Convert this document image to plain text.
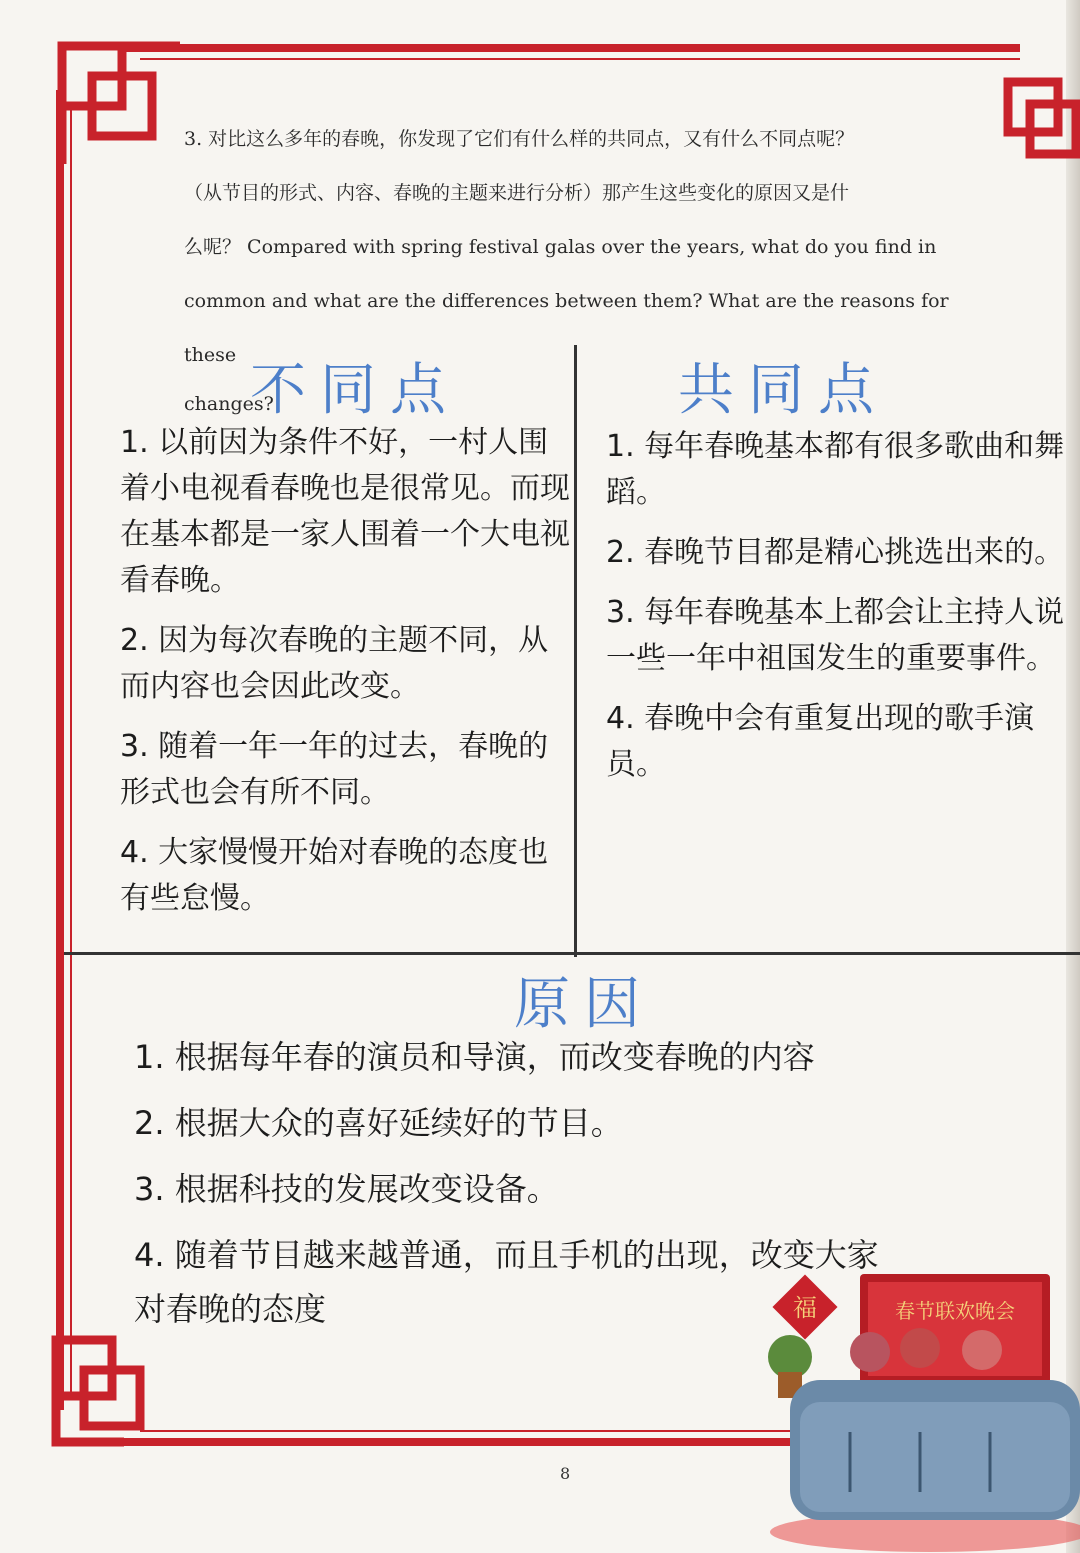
3. 对比这么多年的春晚，你发现了它们有什么样的共同点，又有什么不同点呢？

（从节目的形式、内容、春晚的主题来进行分析）那产生这些变化的原因又是什

么呢？ Compared with spring festival galas over the years, what do you find in

common and what are the differences between them? What are the reasons for these

changes?

不同点	共同点
原因
1. 以前因为条件不好，一村人围着小电视看春晚也是很常见。而现在基本都是一家人围着一个大电视看春晚。
2. 因为每次春晚的主题不同，从而内容也会因此改变。
3. 随着一年一年的过去，春晚的形式也会有所不同。
4. 大家慢慢开始对春晚的态度也有些怠慢。
1. 每年春晚基本都有很多歌曲和舞蹈。
2. 春晚节目都是精心挑选出来的。
3. 每年春晚基本上都会让主持人说一些一年中祖国发生的重要事件。
4. 春晚中会有重复出现的歌手演员。
1. 根据每年春的演员和导演，而改变春晚的内容
2. 根据大众的喜好延续好的节目。
3. 根据科技的发展改变设备。
4. 随着节目越来越普通，而且手机的出现，改变大家对春晚的态度	春节联欢晚会
福
8
